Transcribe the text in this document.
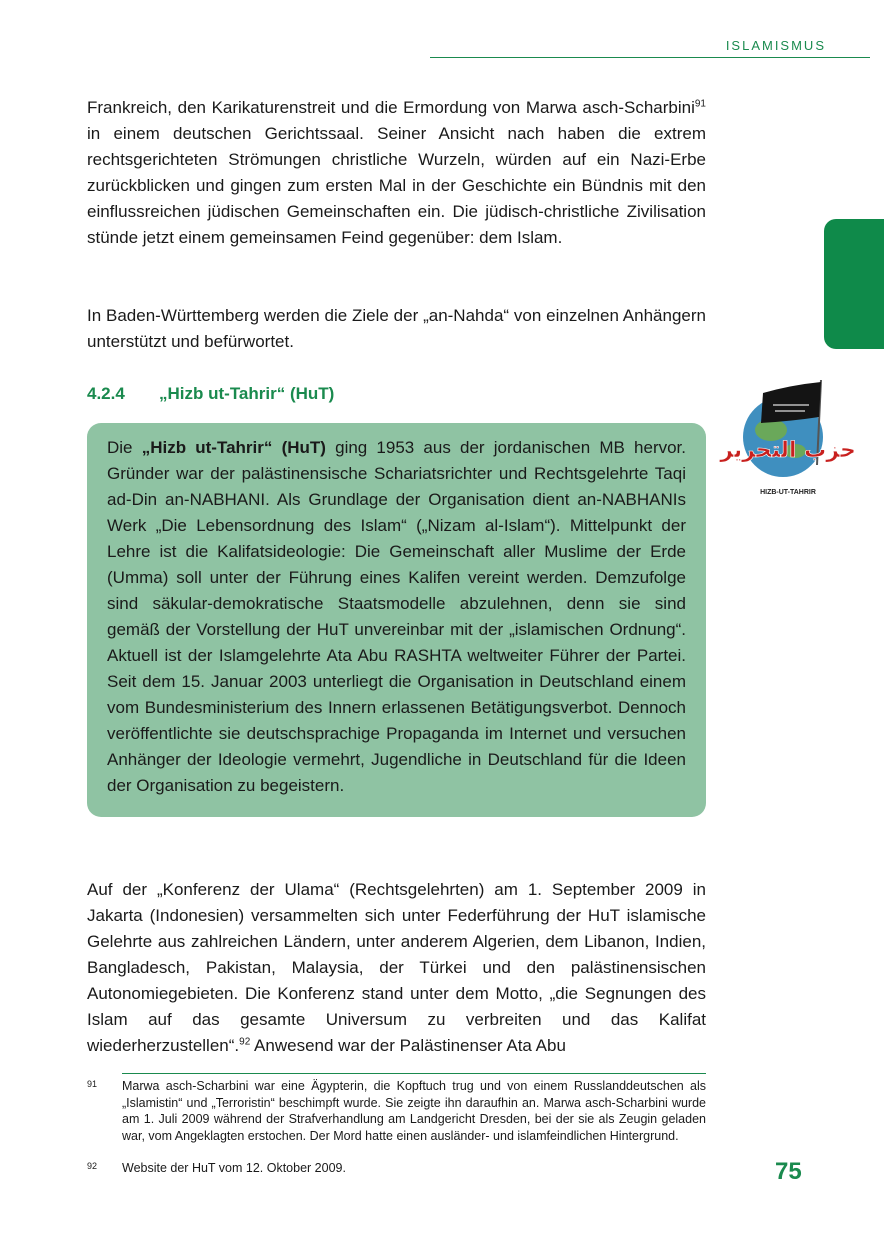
ISLAMISMUS
حزب التحرير
HIZB-UT-TAHRIR
Frankreich, den Karikaturenstreit und die Ermordung von Marwa asch-Scharbini$^{91}$ in einem deutschen Gerichtssaal. Seiner Ansicht nach haben die extrem rechtsgerichteten Strömungen christliche Wurzeln, würden auf ein Nazi-Erbe zurückblicken und gingen zum ersten Mal in der Geschichte ein Bündnis mit den einflussreichen jüdischen Gemeinschaften ein. Die jüdisch-christliche Zivilisation stünde jetzt einem gemeinsamen Feind gegenüber: dem Islam.
In Baden-Württemberg werden die Ziele der „an-Nahda“ von einzelnen Anhängern unterstützt und befürwortet.
4.2.4 „Hizb ut-Tahrir“ (HuT)
Die „Hizb ut-Tahrir“ (HuT) ging 1953 aus der jordanischen MB hervor. Gründer war der palästinensische Schariatsrichter und Rechtsgelehrte Taqi ad-Din an-NABHANI. Als Grundlage der Organisation dient an-NABHANIs Werk „Die Lebensordnung des Islam“ („Nizam al-Islam“). Mittelpunkt der Lehre ist die Kalifatsideologie: Die Gemeinschaft aller Muslime der Erde (Umma) soll unter der Führung eines Kalifen vereint werden. Demzufolge sind säkular-demokratische Staatsmodelle abzulehnen, denn sie sind gemäß der Vorstellung der HuT unvereinbar mit der „islamischen Ordnung“. Aktuell ist der Islamgelehrte Ata Abu RASHTA weltweiter Führer der Partei. Seit dem 15. Januar 2003 unterliegt die Organisation in Deutschland einem vom Bundesministerium des Innern erlassenen Betätigungsverbot. Dennoch veröffentlichte sie deutschsprachige Propaganda im Internet und versuchen Anhänger der Ideologie vermehrt, Jugendliche in Deutschland für die Ideen der Organisation zu begeistern.
Auf der „Konferenz der Ulama“ (Rechtsgelehrten) am 1. September 2009 in Jakarta (Indonesien) versammelten sich unter Federführung der HuT islamische Gelehrte aus zahlreichen Ländern, unter anderem Algerien, dem Libanon, Indien, Bangladesch, Pakistan, Malaysia, der Türkei und den palästinensischen Autonomiegebieten. Die Konferenz stand unter dem Motto, „die Segnungen des Islam auf das gesamte Universum zu verbreiten und das Kalifat wiederherzustellen“.$^{92}$ Anwesend war der Palästinenser Ata Abu
91 Marwa asch-Scharbini war eine Ägypterin, die Kopftuch trug und von einem Russlanddeutschen als „Islamistin“ und „Terroristin“ beschimpft wurde. Sie zeigte ihn daraufhin an. Marwa asch-Scharbini wurde am 1. Juli 2009 während der Strafverhandlung am Landgericht Dresden, bei der sie als Zeugin geladen war, vom Angeklagten erstochen. Der Mord hatte einen ausländer- und islamfeindlichen Hintergrund.
92 Website der HuT vom 12. Oktober 2009.	75
